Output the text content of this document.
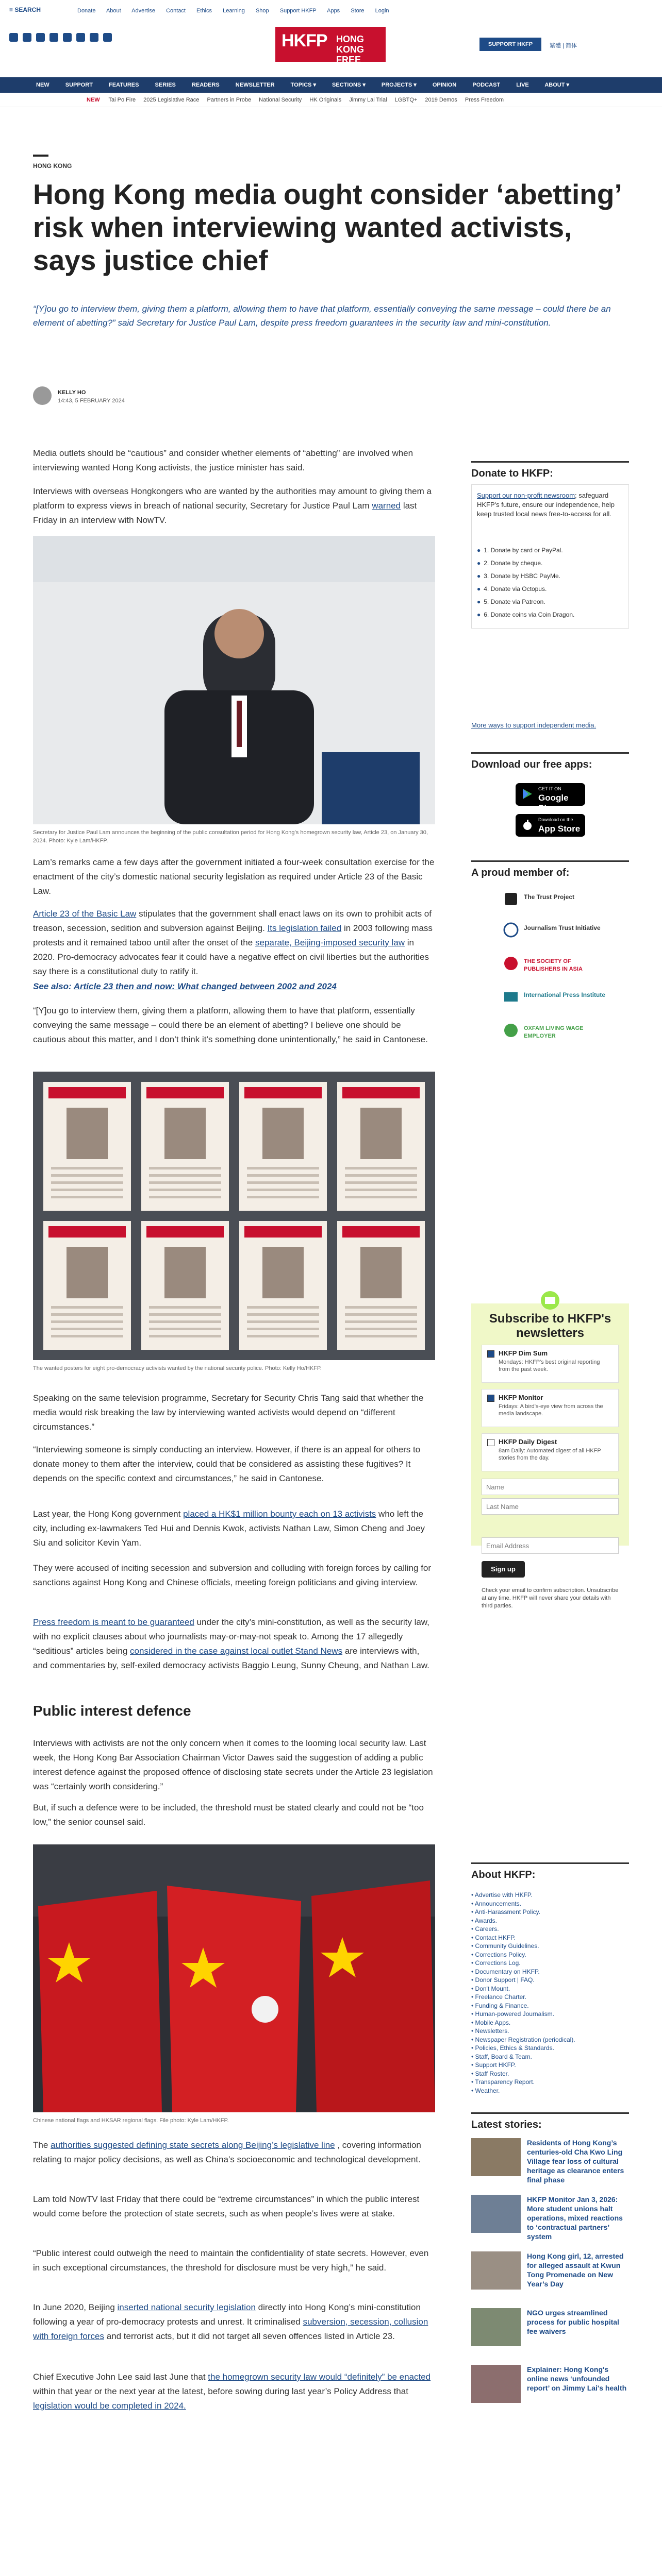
≡ SEARCH	Donate About Advertise Contact Ethics Learning Shop Support HKFP Apps Store Login
HKFP HONG KONG
FREE PRESS
SUPPORT HKFP	繁體 | 简体
NEW	SUPPORT	FEATURES	SERIES	READERS	NEWSLETTER	TOPICS ▾	SECTIONS ▾	PROJECTS ▾	OPINION	PODCAST	LIVE	ABOUT ▾
NEW Tai Po Fire 2025 Legislative Race Partners in Probe National Security HK Originals Jimmy Lai Trial LGBTQ+ 2019 Demos Press Freedom
HONG KONG
Hong Kong media ought consider ‘abetting’ risk when interviewing wanted activists, says justice chief
“[Y]ou go to interview them, giving them a platform, allowing them to have that platform, essentially conveying the same message – could there be an element of abetting?” said Secretary for Justice Paul Lam, despite press freedom guarantees in the security law and mini-constitution.
KELLY HO
14:43, 5 FEBRUARY 2024

Media outlets should be “cautious” and consider whether elements of “abetting” are involved when interviewing wanted Hong Kong activists, the justice minister has said.

Interviews with overseas Hongkongers who are wanted by the authorities may amount to giving them a platform to express views in breach of national security, Secretary for Justice Paul Lam warned last Friday in an interview with NowTV.

Secretary for Justice Paul Lam announces the beginning of the public consultation period for Hong Kong’s homegrown security law, Article 23, on January 30, 2024. Photo: Kyle Lam/HKFP.

Lam’s remarks came a few days after the government initiated a four-week consultation exercise for the enactment of the city’s domestic national security legislation as required under Article 23 of the Basic Law.

Article 23 of the Basic Law stipulates that the government shall enact laws on its own to prohibit acts of treason, secession, sedition and subversion against Beijing. Its legislation failed in 2003 following mass protests and it remained taboo until after the onset of the separate, Beijing-imposed security law in 2020. Pro-democracy advocates fear it could have a negative effect on civil liberties but the authorities say there is a constitutional duty to ratify it.

See also: Article 23 then and now: What changed between 2002 and 2024

“[Y]ou go to interview them, giving them a platform, allowing them to have that platform, essentially conveying the same message – could there be an element of abetting? I believe one should be cautious about this matter, and I don’t think it’s something done unintentionally,” he said in Cantonese.

The wanted posters for eight pro-democracy activists wanted by the national security police. Photo: Kelly Ho/HKFP.

Speaking on the same television programme, Secretary for Security Chris Tang said that whether the media would risk breaking the law by interviewing wanted activists would depend on “different circumstances.”

“Interviewing someone is simply conducting an interview. However, if there is an appeal for others to donate money to them after the interview, could that be considered as assisting these fugitives? It depends on the specific context and circumstances,” he said in Cantonese.

Last year, the Hong Kong government placed a HK$1 million bounty each on 13 activists who left the city, including ex-lawmakers Ted Hui and Dennis Kwok, activists Nathan Law, Simon Cheng and Joey Siu and solicitor Kevin Yam.

They were accused of inciting secession and subversion and colluding with foreign forces by calling for sanctions against Hong Kong and Chinese officials, meeting foreign politicians and giving interview.

Press freedom is meant to be guaranteed under the city’s mini-constitution, as well as the security law, with no explicit clauses about who journalists may-or-may-not speak to. Among the 17 allegedly “seditious” articles being considered in the case against local outlet Stand News are interviews with, and commentaries by, self-exiled democracy activists Baggio Leung, Sunny Cheung, and Nathan Law.

Public interest defence

Interviews with activists are not the only concern when it comes to the looming local security law. Last week, the Hong Kong Bar Association Chairman Victor Dawes said the suggestion of adding a public interest defence against the proposed offence of disclosing state secrets under the Article 23 legislation was “certainly worth considering.”

But, if such a defence were to be included, the threshold must be stated clearly and could not be “too low,” the senior counsel said.

Chinese national flags and HKSAR regional flags. File photo: Kyle Lam/HKFP.

The authorities suggested defining state secrets along Beijing’s legislative line , covering information relating to major policy decisions, as well as China’s socioeconomic and technological development.

Lam told NowTV last Friday that there could be “extreme circumstances” in which the public interest would come before the protection of state secrets, such as when people’s lives were at stake.

“Public interest could outweigh the need to maintain the confidentiality of state secrets. However, even in such exceptional circumstances, the threshold for disclosure must be very high,” he said.

In June 2020, Beijing inserted national security legislation directly into Hong Kong’s mini-constitution following a year of pro-democracy protests and unrest. It criminalised subversion, secession, collusion with foreign forces and terrorist acts, but it did not target all seven offences listed in Article 23.

Chief Executive John Lee said last June that the homegrown security law would “definitely” be enacted within that year or the next year at the latest, before sowing during last year’s Policy Address that legislation would be completed in 2024.

Donate to HKFP:
Support our non-profit newsroom; safeguard HKFP's future, ensure our independence, help keep trusted local news free-to-access for all.
● 1. Donate by card or PayPal.
● 2. Donate by cheque.
● 3. Donate by HSBC PayMe.
● 4. Donate via Octopus.
● 5. Donate via Patreon.
● 6. Donate coins via Coin Dragon.
More ways to support independent media.
Download our free apps:
GET IT ON
Google Play
Download on the
App Store
A proud member of:
The Trust Project
Journalism Trust Initiative
THE SOCIETY OF PUBLISHERS IN ASIA
International Press Institute
OXFAM LIVING WAGE EMPLOYER
Subscribe to HKFP's newsletters
HKFP Dim Sum
Mondays: HKFP's best original reporting from the past week.
HKFP Monitor
Fridays: A bird's-eye view from across the media landscape.
HKFP Daily Digest
8am Daily: Automated digest of all HKFP stories from the day.
Name
Last Name
Email Address
Sign up
Check your email to confirm subscription. Unsubscribe at any time. HKFP will never share your details with third parties.
About HKFP:
• Advertise with HKFP.
• Announcements.
• Anti-Harassment Policy.
• Awards.
• Careers.
• Contact HKFP.
• Community Guidelines.
• Corrections Policy.
• Corrections Log.
• Documentary on HKFP.
• Donor Support | FAQ.
• Don't Mount.
• Freelance Charter.
• Funding & Finance.
• Human-powered Journalism.
• Mobile Apps.
• Newsletters.
• Newspaper Registration (periodical).
• Policies, Ethics & Standards.
• Staff, Board & Team.
• Support HKFP.
• Staff Roster.
• Transparency Report.
• Weather.
Latest stories:
Residents of Hong Kong’s centuries-old Cha Kwo Ling Village fear loss of cultural heritage as clearance enters final phase
HKFP Monitor Jan 3, 2026: More student unions halt operations, mixed reactions to ‘contractual partners’ system
Hong Kong girl, 12, arrested for alleged assault at Kwun Tong Promenade on New Year’s Day
NGO urges streamlined process for public hospital fee waivers
Explainer: Hong Kong's online news ‘unfounded report’ on Jimmy Lai's health
